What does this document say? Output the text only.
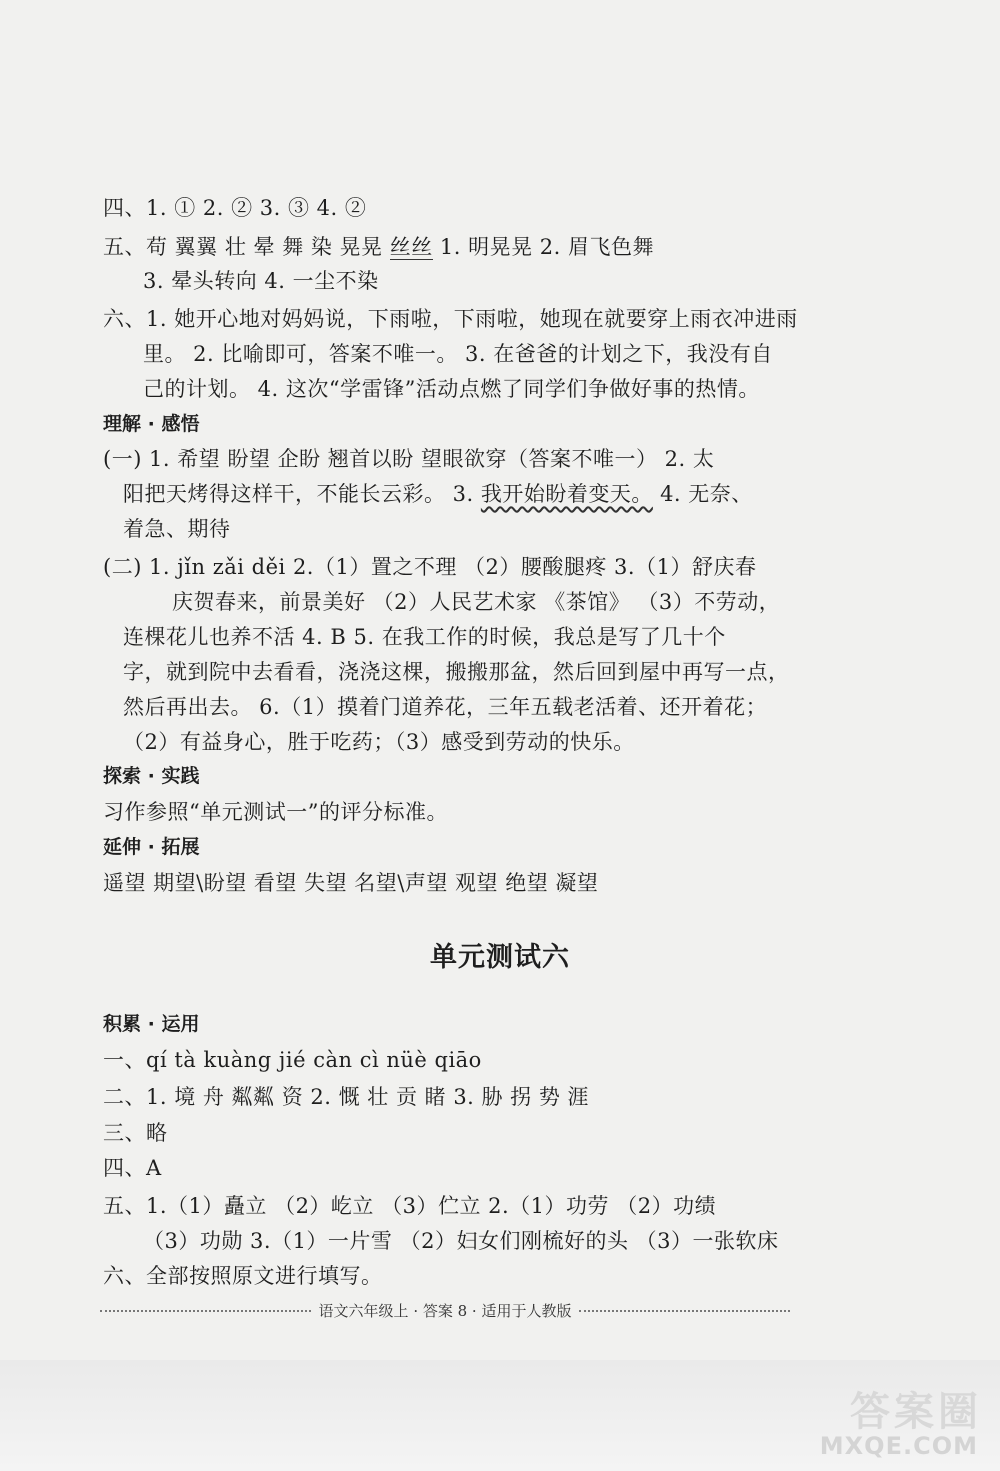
四、1. ① 2. ② 3. ③ 4. ②
五、苟 翼翼 壮 晕 舞 染 晃晃 丝丝 1. 明晃晃 2. 眉飞色舞
3. 晕头转向 4. 一尘不染
六、1. 她开心地对妈妈说，下雨啦，下雨啦，她现在就要穿上雨衣冲进雨
里。 2. 比喻即可，答案不唯一。 3. 在爸爸的计划之下，我没有自
己的计划。 4. 这次“学雷锋”活动点燃了同学们争做好事的热情。
理解 · 感悟
(一) 1. 希望 盼望 企盼 翘首以盼 望眼欲穿（答案不唯一） 2. 太
阳把天烤得这样干，不能长云彩。 3. 我开始盼着变天。 4. 无奈、
着急、期待
(二) 1. jǐn zǎi děi 2.（1）置之不理 （2）腰酸腿疼 3.（1）舒庆春
庆贺春来，前景美好 （2）人民艺术家 《茶馆》 （3）不劳动，
连棵花儿也养不活 4. B 5. 在我工作的时候，我总是写了几十个
字，就到院中去看看，浇浇这棵，搬搬那盆，然后回到屋中再写一点，
然后再出去。 6.（1）摸着门道养花，三年五载老活着、还开着花；
（2）有益身心，胜于吃药；（3）感受到劳动的快乐。
探索 · 实践
习作参照“单元测试一”的评分标准。
延伸 · 拓展
遥望 期望\盼望 看望 失望 名望\声望 观望 绝望 凝望
单元测试六
积累 · 运用
一、qí tà kuàng jié càn cì nüè qiāo
二、1. 境 舟 粼粼 资 2. 慨 壮 贡 睹 3. 胁 拐 势 涯
三、略
四、A
五、1.（1）矗立 （2）屹立 （3）伫立 2.（1）功劳 （2）功绩
（3）功勋 3.（1）一片雪 （2）妇女们刚梳好的头 （3）一张软床
六、全部按照原文进行填写。
语文六年级上 · 答案 8 · 适用于人教版
答案圈
MXQE.COM
